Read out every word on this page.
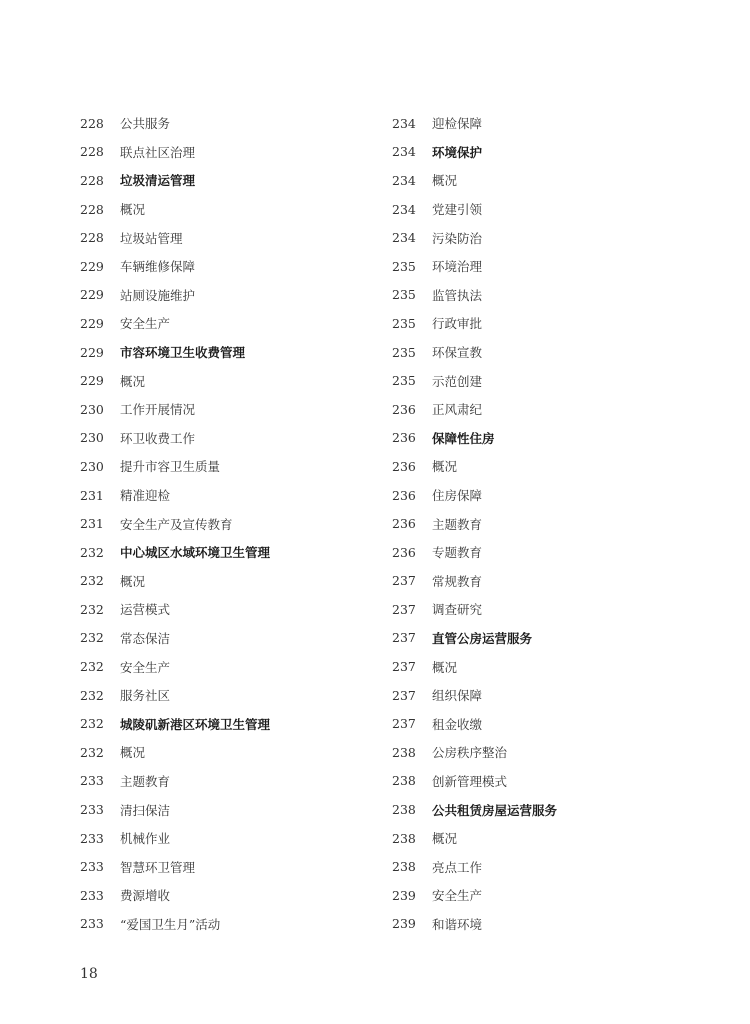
228	公共服务
228	联点社区治理
228	垃圾清运管理
228	概况
228	垃圾站管理
229	车辆维修保障
229	站厕设施维护
229	安全生产
229	市容环境卫生收费管理
229	概况
230	工作开展情况
230	环卫收费工作
230	提升市容卫生质量
231	精准迎检
231	安全生产及宣传教育
232	中心城区水域环境卫生管理
232	概况
232	运营模式
232	常态保洁
232	安全生产
232	服务社区
232	城陵矶新港区环境卫生管理
232	概况
233	主题教育
233	清扫保洁
233	机械作业
233	智慧环卫管理
233	费源增收
233	“爱国卫生月”活动
234	迎检保障
234	环境保护
234	概况
234	党建引领
234	污染防治
235	环境治理
235	监管执法
235	行政审批
235	环保宣教
235	示范创建
236	正风肃纪
236	保障性住房
236	概况
236	住房保障
236	主题教育
236	专题教育
237	常规教育
237	调查研究
237	直管公房运营服务
237	概况
237	组织保障
237	租金收缴
238	公房秩序整治
238	创新管理模式
238	公共租赁房屋运营服务
238	概况
238	亮点工作
239	安全生产
239	和谐环境
18
